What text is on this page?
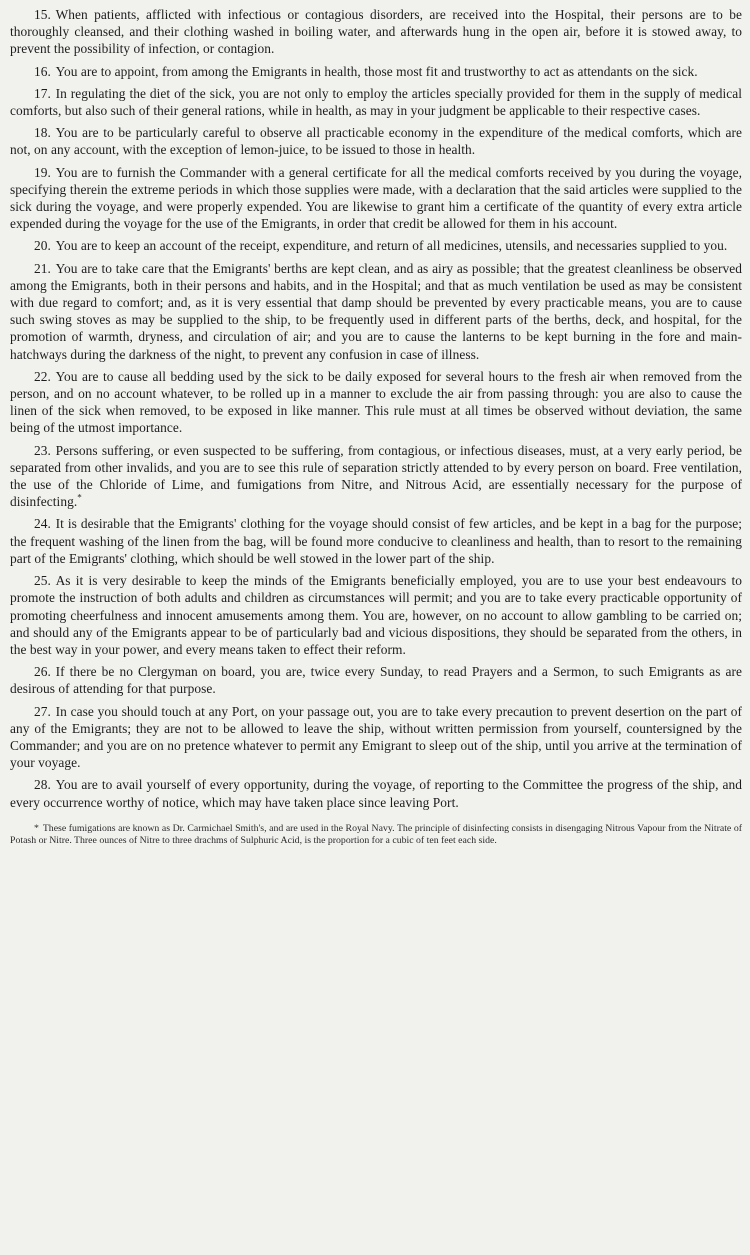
15. When patients, afflicted with infectious or contagious disorders, are received into the Hospital, their persons are to be thoroughly cleansed, and their clothing washed in boiling water, and afterwards hung in the open air, before it is stowed away, to prevent the possibility of infection, or contagion.

16. You are to appoint, from among the Emigrants in health, those most fit and trustworthy to act as attendants on the sick.

17. In regulating the diet of the sick, you are not only to employ the articles specially provided for them in the supply of medical comforts, but also such of their general rations, while in health, as may in your judgment be applicable to their respective cases.

18. You are to be particularly careful to observe all practicable economy in the expenditure of the medical comforts, which are not, on any account, with the exception of lemon-juice, to be issued to those in health.

19. You are to furnish the Commander with a general certificate for all the medical comforts received by you during the voyage, specifying therein the extreme periods in which those supplies were made, with a declaration that the said articles were supplied to the sick during the voyage, and were properly expended. You are likewise to grant him a certificate of the quantity of every extra article expended during the voyage for the use of the Emigrants, in order that credit be allowed for them in his account.

20. You are to keep an account of the receipt, expenditure, and return of all medicines, utensils, and necessaries supplied to you.

21. You are to take care that the Emigrants' berths are kept clean, and as airy as possible; that the greatest cleanliness be observed among the Emigrants, both in their persons and habits, and in the Hospital; and that as much ventilation be used as may be consistent with due regard to comfort; and, as it is very essential that damp should be prevented by every practicable means, you are to cause such swing stoves as may be supplied to the ship, to be frequently used in different parts of the berths, deck, and hospital, for the promotion of warmth, dryness, and circulation of air; and you are to cause the lanterns to be kept burning in the fore and main-hatchways during the darkness of the night, to prevent any confusion in case of illness.

22. You are to cause all bedding used by the sick to be daily exposed for several hours to the fresh air when removed from the person, and on no account whatever, to be rolled up in a manner to exclude the air from passing through: you are also to cause the linen of the sick when removed, to be exposed in like manner. This rule must at all times be observed without deviation, the same being of the utmost importance.

23. Persons suffering, or even suspected to be suffering, from contagious, or infectious diseases, must, at a very early period, be separated from other invalids, and you are to see this rule of separation strictly attended to by every person on board. Free ventilation, the use of the Chloride of Lime, and fumigations from Nitre, and Nitrous Acid, are essentially necessary for the purpose of disinfecting.*

24. It is desirable that the Emigrants' clothing for the voyage should consist of few articles, and be kept in a bag for the purpose; the frequent washing of the linen from the bag, will be found more conducive to cleanliness and health, than to resort to the remaining part of the Emigrants' clothing, which should be well stowed in the lower part of the ship.

25. As it is very desirable to keep the minds of the Emigrants beneficially employed, you are to use your best endeavours to promote the instruction of both adults and children as circumstances will permit; and you are to take every practicable opportunity of promoting cheerfulness and innocent amusements among them. You are, however, on no account to allow gambling to be carried on; and should any of the Emigrants appear to be of particularly bad and vicious dispositions, they should be separated from the others, in the best way in your power, and every means taken to effect their reform.

26. If there be no Clergyman on board, you are, twice every Sunday, to read Prayers and a Sermon, to such Emigrants as are desirous of attending for that purpose.

27. In case you should touch at any Port, on your passage out, you are to take every precaution to prevent desertion on the part of any of the Emigrants; they are not to be allowed to leave the ship, without written permission from yourself, countersigned by the Commander; and you are on no pretence whatever to permit any Emigrant to sleep out of the ship, until you arrive at the termination of your voyage.

28. You are to avail yourself of every opportunity, during the voyage, of reporting to the Committee the progress of the ship, and every occurrence worthy of notice, which may have taken place since leaving Port.

* These fumigations are known as Dr. Carmichael Smith's, and are used in the Royal Navy. The principle of disinfecting consists in disengaging Nitrous Vapour from the Nitrate of Potash or Nitre. Three ounces of Nitre to three drachms of Sulphuric Acid, is the proportion for a cubic of ten feet each side.
